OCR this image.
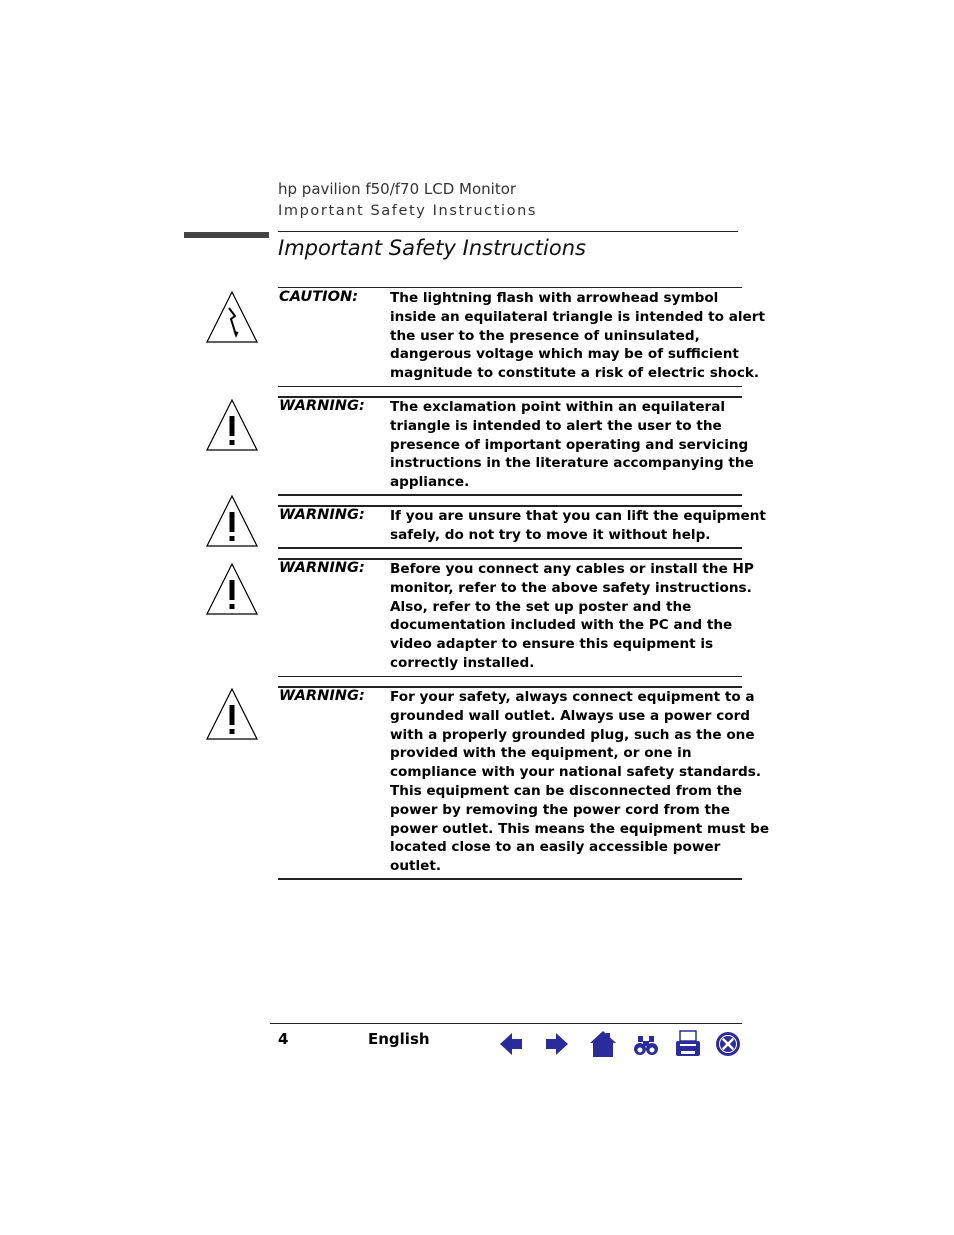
hp pavilion f50/f70 LCD Monitor
Important Safety Instructions
Important Safety Instructions
CAUTION: The lightning flash with arrowhead symbol
inside an equilateral triangle is intended to alert
the user to the presence of uninsulated,
dangerous voltage which may be of sufficient
magnitude to constitute a risk of electric shock.
WARNING: The exclamation point within an equilateral
triangle is intended to alert the user to the
presence of important operating and servicing
instructions in the literature accompanying the
appliance.
WARNING: If you are unsure that you can lift the equipment
safely, do not try to move it without help.
WARNING: Before you connect any cables or install the HP
monitor, refer to the above safety instructions.
Also, refer to the set up poster and the
documentation included with the PC and the
video adapter to ensure this equipment is
correctly installed.
WARNING: For your safety, always connect equipment to a
grounded wall outlet. Always use a power cord
with a properly grounded plug, such as the one
provided with the equipment, or one in
compliance with your national safety standards.
This equipment can be disconnected from the
power by removing the power cord from the
power outlet. This means the equipment must be
located close to an easily accessible power
outlet.
4	English
